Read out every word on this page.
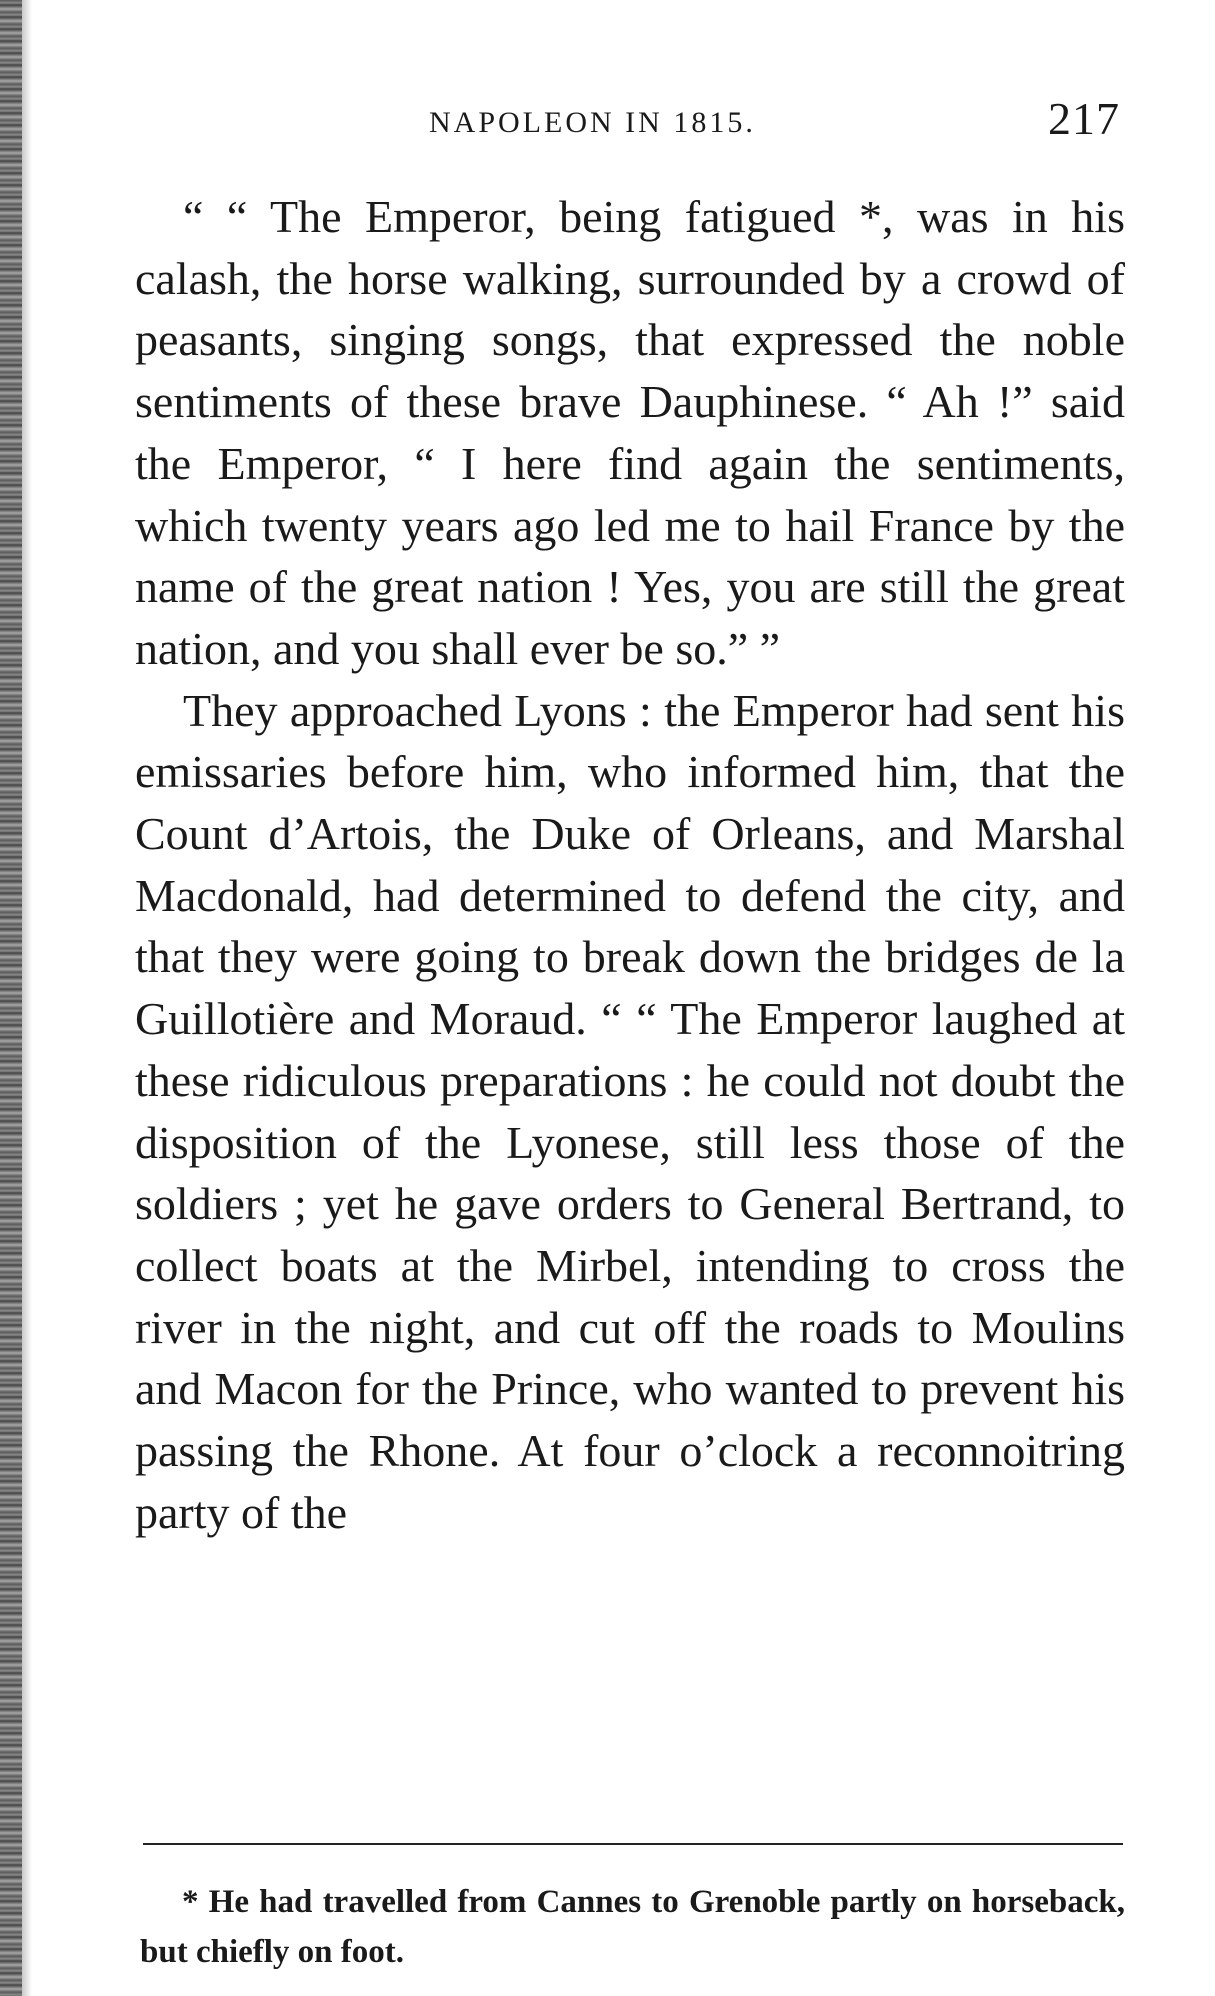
NAPOLEON IN 1815.	217

“ “ The Emperor, being fatigued *, was in his calash, the horse walking, surrounded by a crowd of peasants, singing songs, that expressed the noble sentiments of these brave Dauphinese. “ Ah !” said the Emperor, “ I here find again the sentiments, which twenty years ago led me to hail France by the name of the great nation ! Yes, you are still the great nation, and you shall ever be so.” ”

They approached Lyons : the Emperor had sent his emissaries before him, who informed him, that the Count d’Artois, the Duke of Orleans, and Marshal Macdonald, had determined to defend the city, and that they were going to break down the bridges de la Guillotière and Moraud. “ “ The Emperor laughed at these ridiculous preparations : he could not doubt the disposition of the Lyonese, still less those of the soldiers ; yet he gave orders to General Bertrand, to collect boats at the Mirbel, intending to cross the river in the night, and cut off the roads to Moulins and Macon for the Prince, who wanted to prevent his passing the Rhone. At four o’clock a reconnoitring party of the

* He had travelled from Cannes to Grenoble partly on horseback, but chiefly on foot.
